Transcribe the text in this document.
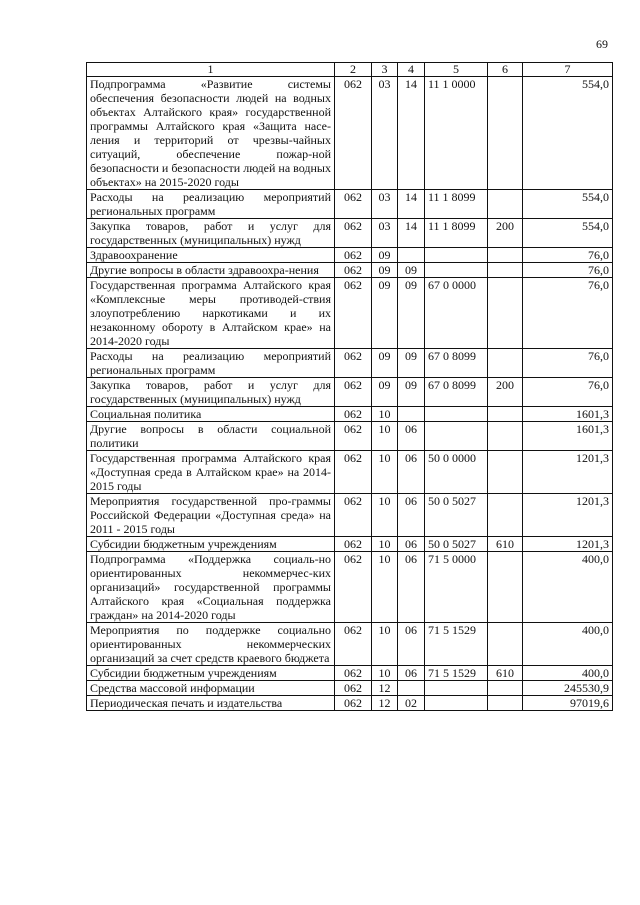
69
1	2	3	4	5	6	7
Подпрограмма «Развитие системы обеспечения безопасности людей на водных объектах Алтайского края» государственной программы Алтайского края «Защита насе-ления и территорий от чрезвы-чайных ситуаций, обеспечение пожар-ной безопасности и безопасности людей на водных объектах» на 2015-2020 годы	062	03	14	11 1 0000		554,0
Расходы на реализацию мероприятий региональных программ	062	03	14	11 1 8099		554,0
Закупка товаров, работ и услуг для государственных (муниципальных) нужд	062	03	14	11 1 8099	200	554,0
Здравоохранение	062	09				76,0
Другие вопросы в области здравоохра-нения	062	09	09			76,0
Государственная программа Алтайского края «Комплексные меры противодей-ствия злоупотреблению наркотиками и их незаконному обороту в Алтайском крае» на 2014-2020 годы	062	09	09	67 0 0000		76,0
Расходы на реализацию мероприятий региональных программ	062	09	09	67 0 8099		76,0
Закупка товаров, работ и услуг для государственных (муниципальных) нужд	062	09	09	67 0 8099	200	76,0
Социальная политика	062	10				1601,3
Другие вопросы в области социальной политики	062	10	06			1601,3
Государственная программа Алтайского края «Доступная среда в Алтайском крае» на 2014-2015 годы	062	10	06	50 0 0000		1201,3
Мероприятия государственной про-граммы Российской Федерации «Доступная среда» на 2011 - 2015 годы	062	10	06	50 0 5027		1201,3
Субсидии бюджетным учреждениям	062	10	06	50 0 5027	610	1201,3
Подпрограмма «Поддержка социаль-но ориентированных некоммерчес-ких организаций» государственной программы Алтайского края «Социальная поддержка граждан» на 2014-2020 годы	062	10	06	71 5 0000		400,0
Мероприятия по поддержке социально ориентированных некоммерческих организаций за счет средств краевого бюджета	062	10	06	71 5 1529		400,0
Субсидии бюджетным учреждениям	062	10	06	71 5 1529	610	400,0
Средства массовой информации	062	12				245530,9
Периодическая печать и издательства	062	12	02			97019,6
